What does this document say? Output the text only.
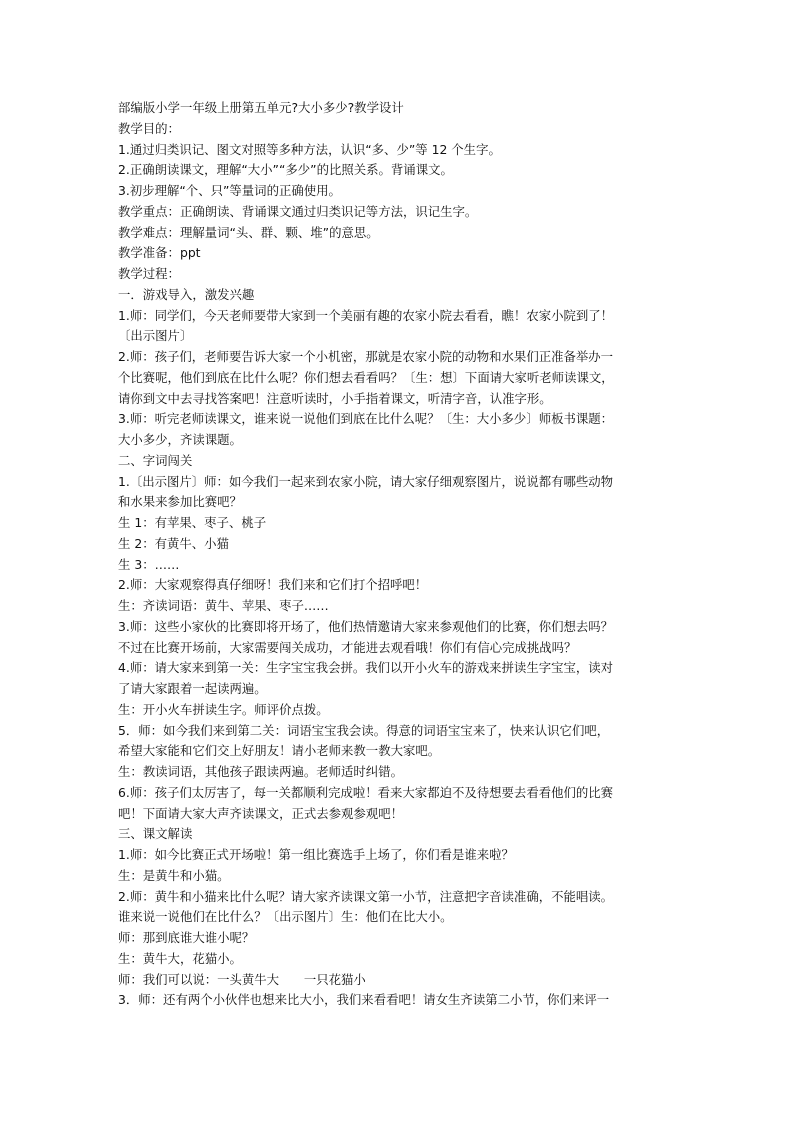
部编版小学一年级上册第五单元?大小多少?教学设计
教学目的：
1.通过归类识记、图文对照等多种方法，认识“多、少”等 12 个生字。
2.正确朗读课文，理解“大小”“多少”的比照关系。背诵课文。
3.初步理解“个、只”等量词的正确使用。
教学重点：正确朗读、背诵课文通过归类识记等方法，识记生字。
教学难点：理解量词“头、群、颗、堆”的意思。
教学准备：ppt
教学过程：
一．游戏导入，激发兴趣
1.师：同学们，今天老师要带大家到一个美丽有趣的农家小院去看看，瞧！农家小院到了！
〔出示图片〕
2.师：孩子们，老师要告诉大家一个小机密，那就是农家小院的动物和水果们正准备举办一
个比赛呢，他们到底在比什么呢？你们想去看看吗？〔生：想〕下面请大家听老师读课文，
请你到文中去寻找答案吧！注意听读时，小手指着课文，听清字音，认准字形。
3.师：听完老师读课文，谁来说一说他们到底在比什么呢？〔生：大小多少〕师板书课题：
大小多少，齐读课题。
二、字词闯关
1.〔出示图片〕师：如今我们一起来到农家小院，请大家仔细观察图片，说说都有哪些动物
和水果来参加比赛吧？
生 1：有苹果、枣子、桃子
生 2：有黄牛、小猫
生 3：……
2.师：大家观察得真仔细呀！我们来和它们打个招呼吧！
生：齐读词语：黄牛、苹果、枣子……
3.师：这些小家伙的比赛即将开场了，他们热情邀请大家来参观他们的比赛，你们想去吗？
不过在比赛开场前，大家需要闯关成功，才能进去观看哦！你们有信心完成挑战吗？
4.师：请大家来到第一关：生字宝宝我会拼。我们以开小火车的游戏来拼读生字宝宝，读对
了请大家跟着一起读两遍。
生：开小火车拼读生字。师评价点拨。
5．师：如今我们来到第二关：词语宝宝我会读。得意的词语宝宝来了，快来认识它们吧，
希望大家能和它们交上好朋友！请小老师来教一教大家吧。
生：教读词语，其他孩子跟读两遍。老师适时纠错。
6.师：孩子们太厉害了，每一关都顺利完成啦！看来大家都迫不及待想要去看看他们的比赛
吧！下面请大家大声齐读课文，正式去参观参观吧！
三、课文解读
1.师：如今比赛正式开场啦！第一组比赛选手上场了，你们看是谁来啦？
生：是黄牛和小猫。
2.师：黄牛和小猫来比什么呢？请大家齐读课文第一小节，注意把字音读准确，不能唱读。
谁来说一说他们在比什么？〔出示图片〕生：他们在比大小。
师：那到底谁大谁小呢？
生：黄牛大，花猫小。
师：我们可以说：一头黄牛大　　一只花猫小
3．师：还有两个小伙伴也想来比大小，我们来看看吧！请女生齐读第二小节，你们来评一
